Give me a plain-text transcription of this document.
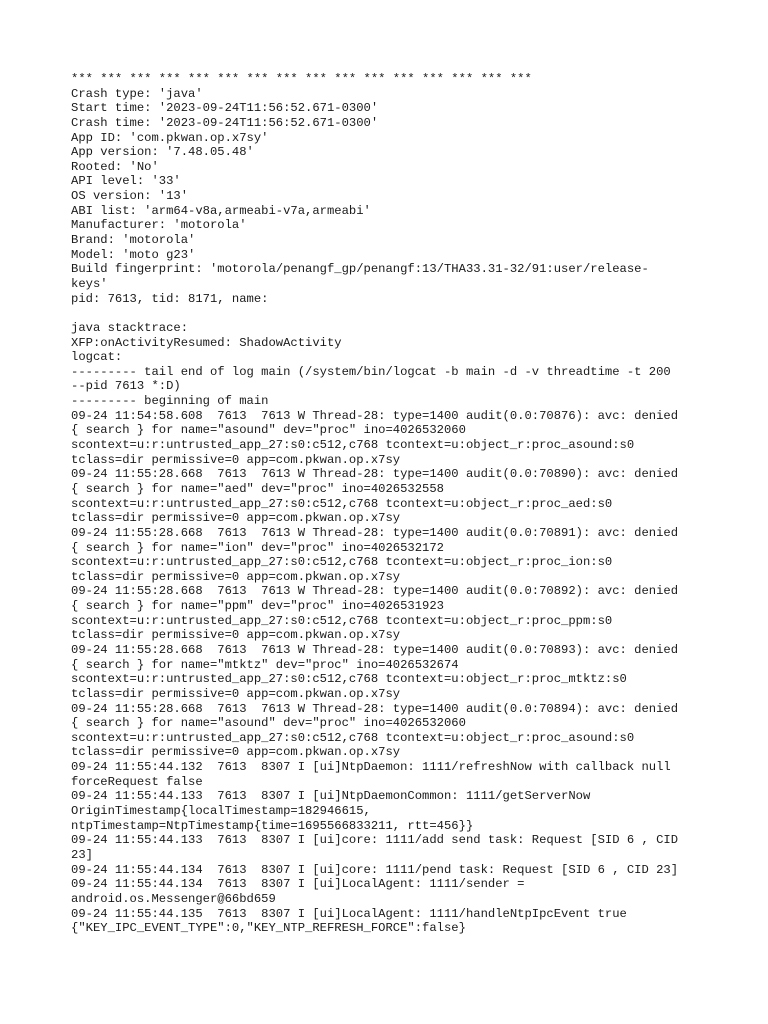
*** *** *** *** *** *** *** *** *** *** *** *** *** *** *** ***
Crash type: 'java'
Start time: '2023-09-24T11:56:52.671-0300'
Crash time: '2023-09-24T11:56:52.671-0300'
App ID: 'com.pkwan.op.x7sy'
App version: '7.48.05.48'
Rooted: 'No'
API level: '33'
OS version: '13'
ABI list: 'arm64-v8a,armeabi-v7a,armeabi'
Manufacturer: 'motorola'
Brand: 'motorola'
Model: 'moto g23'
Build fingerprint: 'motorola/penangf_gp/penangf:13/THA33.31-32/91:user/release-
keys'
pid: 7613, tid: 8171, name:
java stacktrace:
XFP:onActivityResumed: ShadowActivity
logcat:
--------- tail end of log main (/system/bin/logcat -b main -d -v threadtime -t 200
--pid 7613 *:D)
--------- beginning of main
09-24 11:54:58.608  7613  7613 W Thread-28: type=1400 audit(0.0:70876): avc: denied
{ search } for name="asound" dev="proc" ino=4026532060
scontext=u:r:untrusted_app_27:s0:c512,c768 tcontext=u:object_r:proc_asound:s0
tclass=dir permissive=0 app=com.pkwan.op.x7sy
09-24 11:55:28.668  7613  7613 W Thread-28: type=1400 audit(0.0:70890): avc: denied
{ search } for name="aed" dev="proc" ino=4026532558
scontext=u:r:untrusted_app_27:s0:c512,c768 tcontext=u:object_r:proc_aed:s0
tclass=dir permissive=0 app=com.pkwan.op.x7sy
09-24 11:55:28.668  7613  7613 W Thread-28: type=1400 audit(0.0:70891): avc: denied
{ search } for name="ion" dev="proc" ino=4026532172
scontext=u:r:untrusted_app_27:s0:c512,c768 tcontext=u:object_r:proc_ion:s0
tclass=dir permissive=0 app=com.pkwan.op.x7sy
09-24 11:55:28.668  7613  7613 W Thread-28: type=1400 audit(0.0:70892): avc: denied
{ search } for name="ppm" dev="proc" ino=4026531923
scontext=u:r:untrusted_app_27:s0:c512,c768 tcontext=u:object_r:proc_ppm:s0
tclass=dir permissive=0 app=com.pkwan.op.x7sy
09-24 11:55:28.668  7613  7613 W Thread-28: type=1400 audit(0.0:70893): avc: denied
{ search } for name="mtktz" dev="proc" ino=4026532674
scontext=u:r:untrusted_app_27:s0:c512,c768 tcontext=u:object_r:proc_mtktz:s0
tclass=dir permissive=0 app=com.pkwan.op.x7sy
09-24 11:55:28.668  7613  7613 W Thread-28: type=1400 audit(0.0:70894): avc: denied
{ search } for name="asound" dev="proc" ino=4026532060
scontext=u:r:untrusted_app_27:s0:c512,c768 tcontext=u:object_r:proc_asound:s0
tclass=dir permissive=0 app=com.pkwan.op.x7sy
09-24 11:55:44.132  7613  8307 I [ui]NtpDaemon: 1111/refreshNow with callback null
forceRequest false
09-24 11:55:44.133  7613  8307 I [ui]NtpDaemonCommon: 1111/getServerNow
OriginTimestamp{localTimestamp=182946615,
ntpTimestamp=NtpTimestamp{time=1695566833211, rtt=456}}
09-24 11:55:44.133  7613  8307 I [ui]core: 1111/add send task: Request [SID 6 , CID
23]
09-24 11:55:44.134  7613  8307 I [ui]core: 1111/pend task: Request [SID 6 , CID 23]
09-24 11:55:44.134  7613  8307 I [ui]LocalAgent: 1111/sender =
android.os.Messenger@66bd659
09-24 11:55:44.135  7613  8307 I [ui]LocalAgent: 1111/handleNtpIpcEvent true
{"KEY_IPC_EVENT_TYPE":0,"KEY_NTP_REFRESH_FORCE":false}
